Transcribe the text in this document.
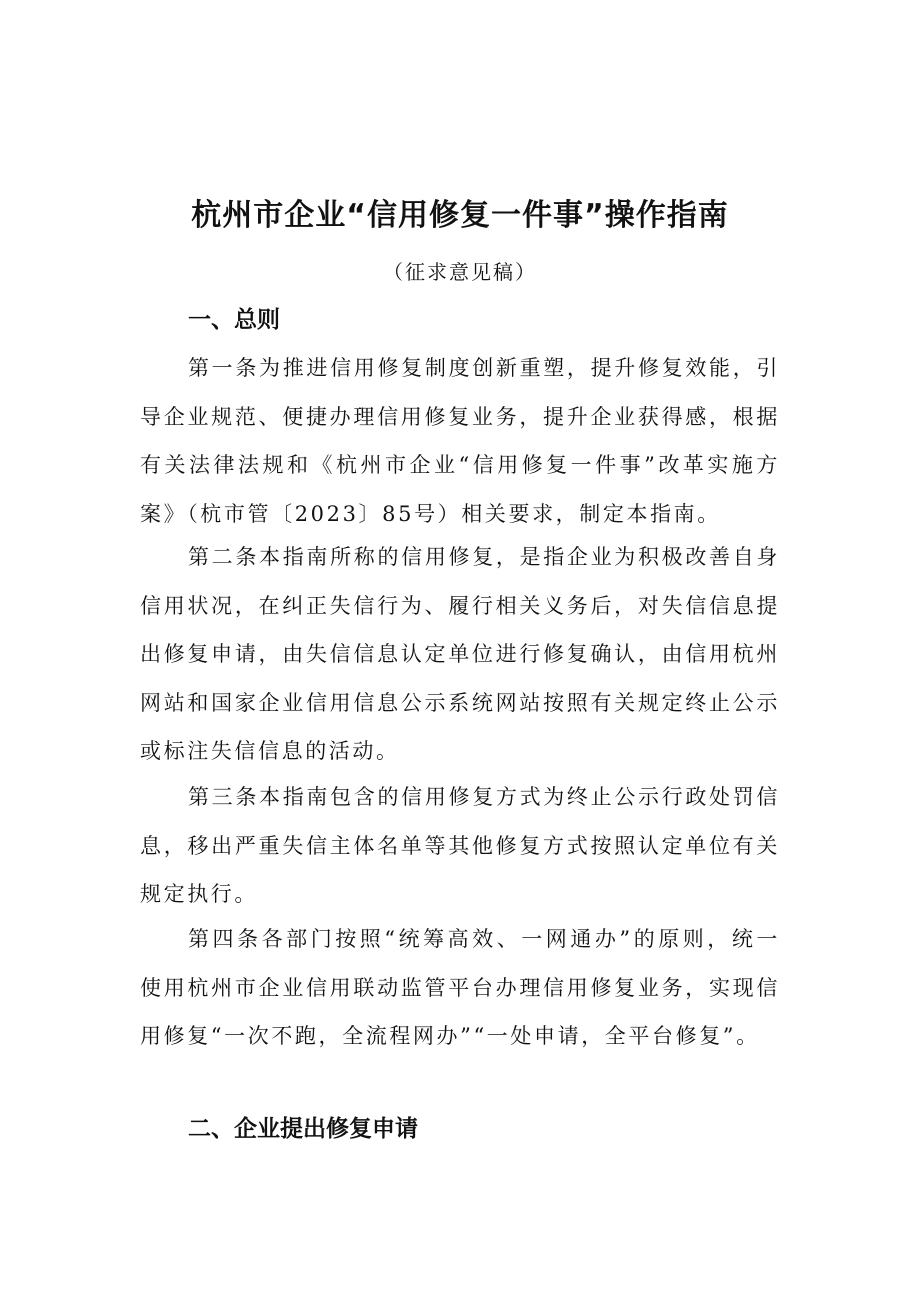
杭州市企业“信用修复一件事”操作指南
（征求意见稿）
一、总则

第一条为推进信用修复制度创新重塑，提升修复效能，引导企业规范、便捷办理信用修复业务，提升企业获得感，根据有关法律法规和《杭州市企业“信用修复一件事”改革实施方案》（杭市管〔2023〕85号）相关要求，制定本指南。

第二条本指南所称的信用修复，是指企业为积极改善自身信用状况，在纠正失信行为、履行相关义务后，对失信信息提出修复申请，由失信信息认定单位进行修复确认，由信用杭州网站和国家企业信用信息公示系统网站按照有关规定终止公示或标注失信信息的活动。

第三条本指南包含的信用修复方式为终止公示行政处罚信息，移出严重失信主体名单等其他修复方式按照认定单位有关规定执行。

第四条各部门按照“统筹高效、一网通办”的原则，统一使用杭州市企业信用联动监管平台办理信用修复业务，实现信用修复“一次不跑，全流程网办”“一处申请，全平台修复”。

二、企业提出修复申请
